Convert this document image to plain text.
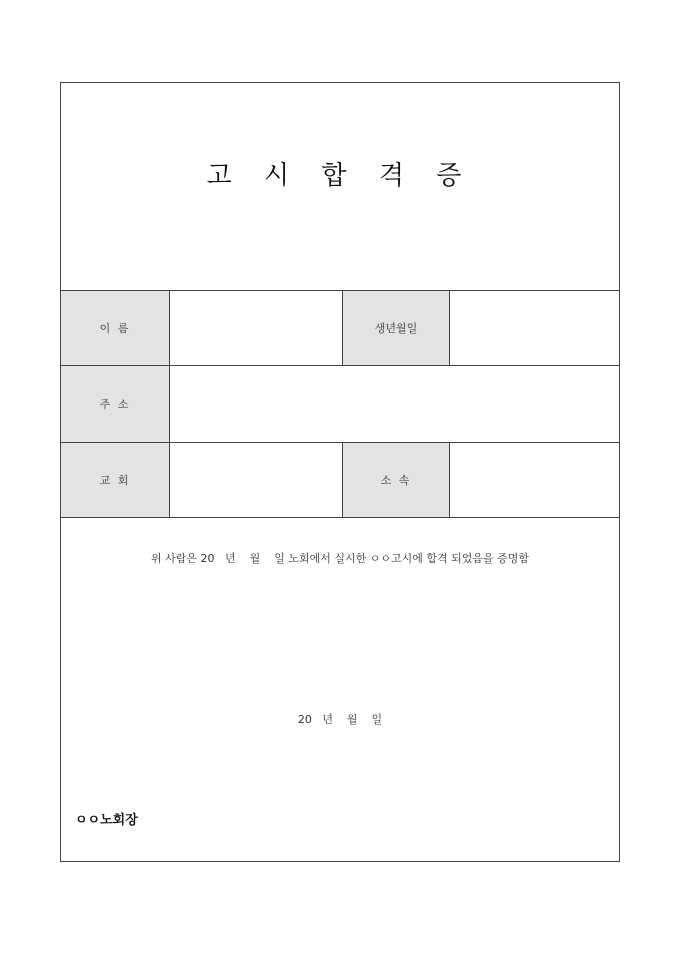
고 시 합 격 증
이 름	생년월일
주 소
교 회	소 속
위 사람은 20   년    월    일 노회에서 실시한 ㅇㅇ고시에 합격 되었음을 증명함
20   년    월    일
ㅇㅇ노회장
